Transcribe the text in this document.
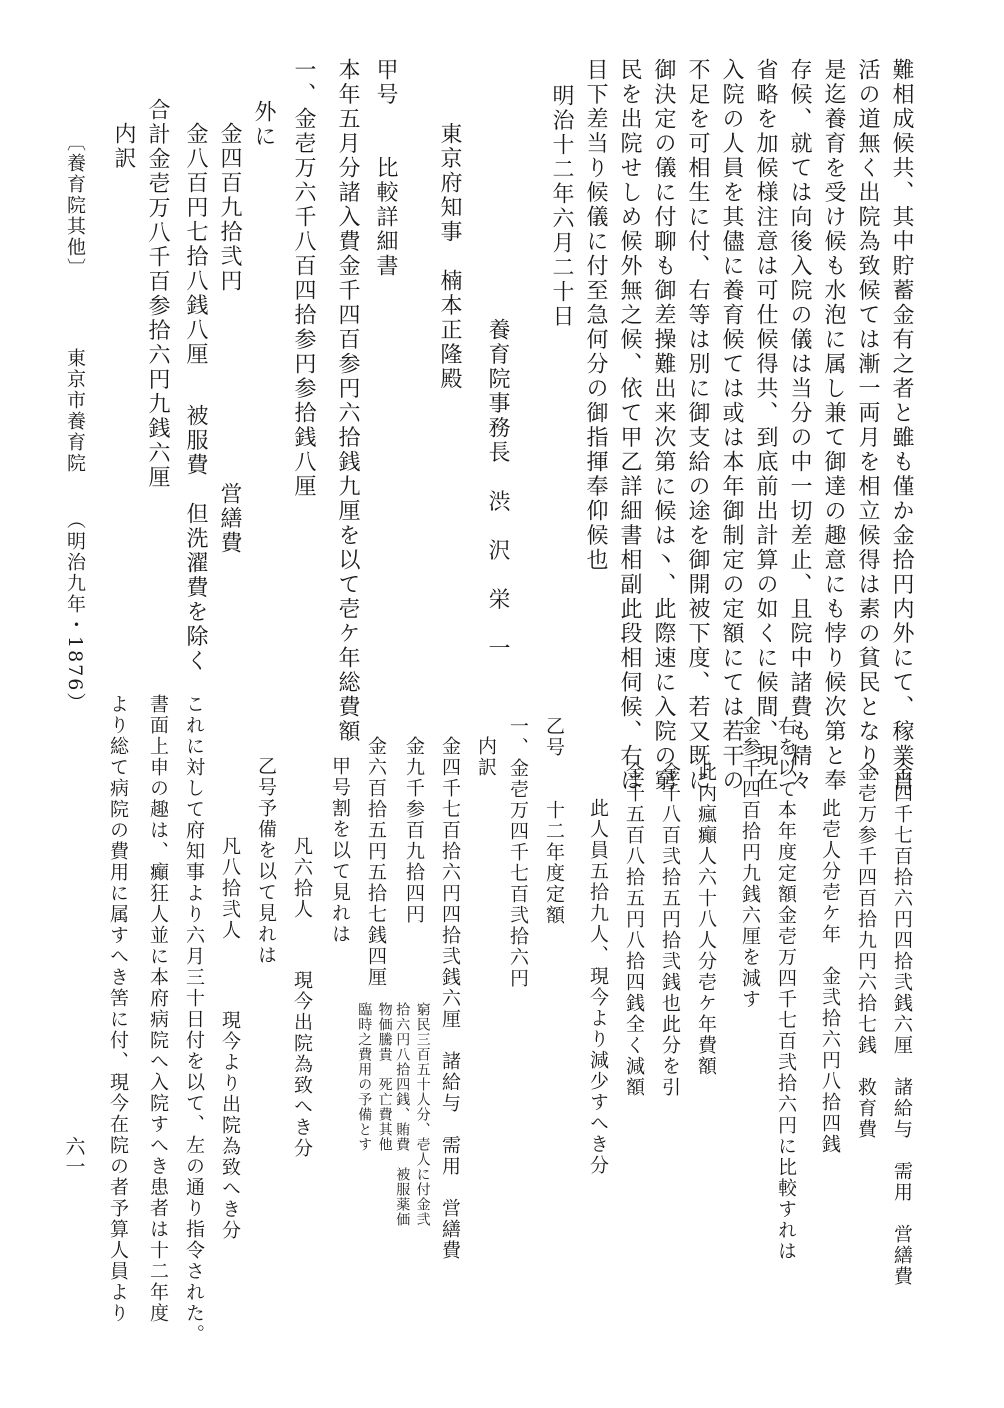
難相成候共、其中貯蓄金有之者と雖も僅か金拾円内外にて、稼業自
活の道無く出院為致候ては漸一両月を相立候得は素の貧民となり、
是迄養育を受け候も水泡に属し兼て御達の趣意にも悖り候次第と奉
存候、就ては向後入院の儀は当分の中一切差止、且院中諸費も精々
省略を加候様注意は可仕候得共、到底前出計算の如くに候間、現在
入院の人員を其儘に養育候ては或は本年御制定の定額にては若干の
不足を可相生に付、右等は別に御支給の途を御開被下度、若又既に
御決定の儀に付聊も御差操難出来次第に候は丶、此際速に入院の窮
民を出院せしめ候外無之候、依て甲乙詳細書相副此段相伺候、右は
目下差当り候儀に付至急何分の御指揮奉仰候也
明治十二年六月二十日
養育院事務長　渋　沢　栄　一
東京府知事　楠本正隆殿
甲号　　比較詳細書
本年五月分諸入費金千四百参円六拾銭九厘を以て壱ケ年総費額
一、金壱万六千八百四拾参円参拾銭八厘
外に
金四百九拾弐円
営繕費
金八百円七拾八銭八厘
被服費　但洗濯費を除く
合計金壱万八千百参拾六円九銭六厘
内訳
〔養育院其他〕
東京市養育院
（明治九年・1876）
金四千七百拾六円四拾弐銭六厘　諸給与　需用　営繕費
金壱万参千四百拾九円六拾七銭　救育費
此壱人分壱ケ年　金弐拾六円八拾四銭
右を以て本年度定額金壱万四千七百弐拾六円に比較すれは
金参千四百拾円九銭六厘を減す
此内瘋癲人六十八人分壱ケ年費額
金千八百弐拾五円拾弐銭也此分を引
金千五百八拾五円八拾四銭全く減額
此人員五拾九人、現今より減少すへき分
乙号　　十二年度定額
一、金壱万四千七百弐拾六円
内訳
金四千七百拾六円四拾弐銭六厘　諸給与　需用　営繕費
窮民三百五十人分、壱人に付金弐
拾六円八拾四銭、賄費　被服薬価
金九千参百九拾四円
物価騰貴　死亡費其他
臨時之費用の予備とす
金六百拾五円五拾七銭四厘
甲号割を以て見れは
凡六拾人
現今出院為致へき分
乙号予備を以て見れは
凡八拾弐人
現今より出院為致へき分
これに対して府知事より六月三十日付を以て、左の通り指令された。
書面上申の趣は、癲狂人並に本府病院へ入院すへき患者は十二年度
より総て病院の費用に属すへき筈に付、現今在院の者予算人員より
六一
